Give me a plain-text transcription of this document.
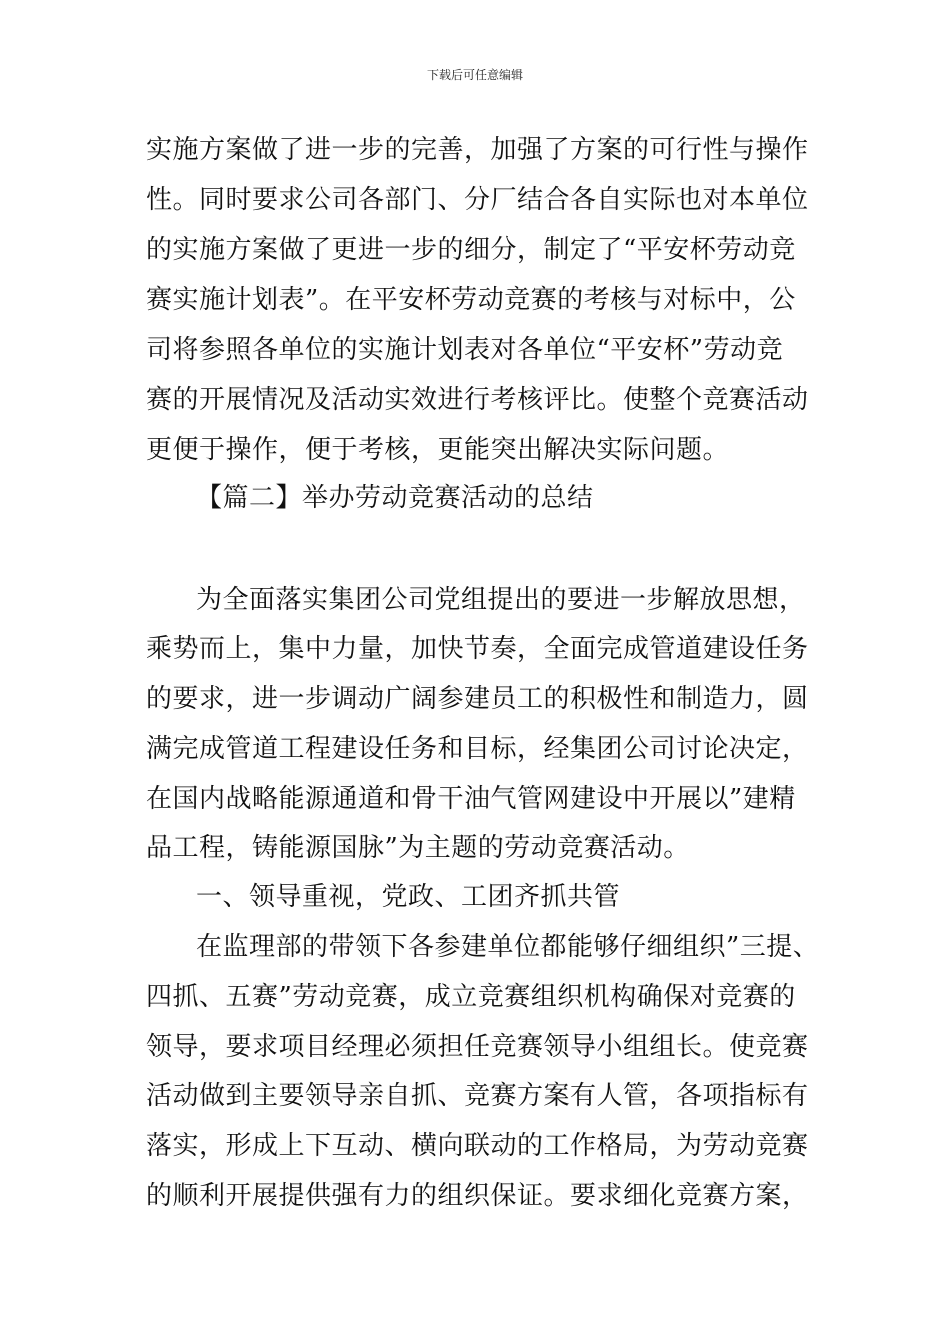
下载后可任意编辑
实施方案做了进一步的完善，加强了方案的可行性与操作
性。同时要求公司各部门、分厂结合各自实际也对本单位
的实施方案做了更进一步的细分，制定了“平安杯劳动竞
赛实施计划表”。在平安杯劳动竞赛的考核与对标中，公
司将参照各单位的实施计划表对各单位“平安杯”劳动竞
赛的开展情况及活动实效进行考核评比。使整个竞赛活动
更便于操作，便于考核，更能突出解决实际问题。
【篇二】举办劳动竞赛活动的总结
为全面落实集团公司党组提出的要进一步解放思想，
乘势而上，集中力量，加快节奏，全面完成管道建设任务
的要求，进一步调动广阔参建员工的积极性和制造力，圆
满完成管道工程建设任务和目标，经集团公司讨论决定，
在国内战略能源通道和骨干油气管网建设中开展以”建精
品工程，铸能源国脉”为主题的劳动竞赛活动。
一、领导重视，党政、工团齐抓共管
在监理部的带领下各参建单位都能够仔细组织”三提、
四抓、五赛”劳动竞赛，成立竞赛组织机构确保对竞赛的
领导，要求项目经理必须担任竞赛领导小组组长。使竞赛
活动做到主要领导亲自抓、竞赛方案有人管，各项指标有
落实，形成上下互动、横向联动的工作格局，为劳动竞赛
的顺利开展提供强有力的组织保证。要求细化竞赛方案，
